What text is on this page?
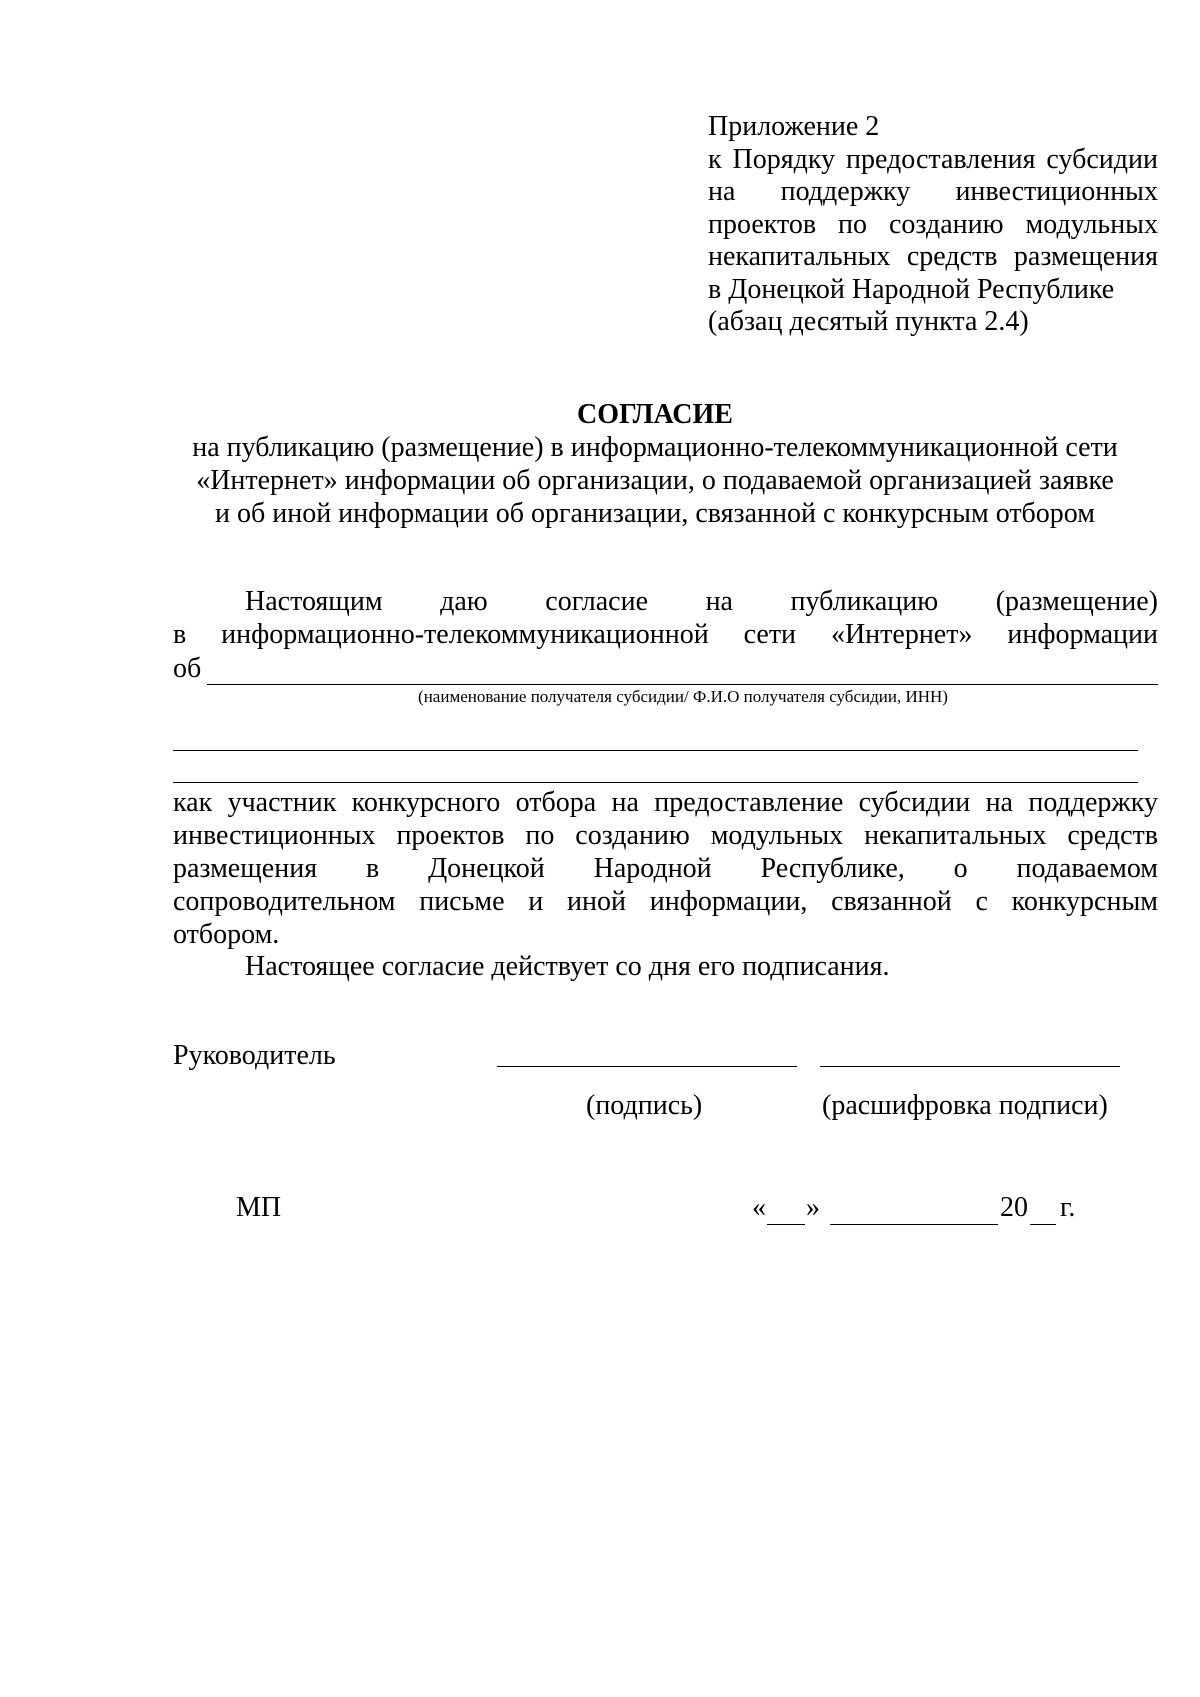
Приложение 2
к Порядку предоставления субсидии
на поддержку инвестиционных
проектов по созданию модульных
некапитальных средств размещения
в Донецкой Народной Республике
(абзац десятый пункта 2.4)
СОГЛАСИЕ
на публикацию (размещение) в информационно-телекоммуникационной сети
«Интернет» информации об организации, о подаваемой организацией заявке
и об иной информации об организации, связанной с конкурсным отбором
Настоящим даю согласие на публикацию (размещение)
в информационно-телекоммуникационной сети «Интернет» информации
об
(наименование получателя субсидии/ Ф.И.О получателя субсидии, ИНН)
как участник конкурсного отбора на предоставление субсидии на поддержку
инвестиционных проектов по созданию модульных некапитальных средств
размещения в Донецкой Народной Республике, о подаваемом
сопроводительном письме и иной информации, связанной с конкурсным
отбором.
Настоящее согласие действует со дня его подписания.
Руководитель
(подпись)	(расшифровка подписи)
МП	« »	20 г.
